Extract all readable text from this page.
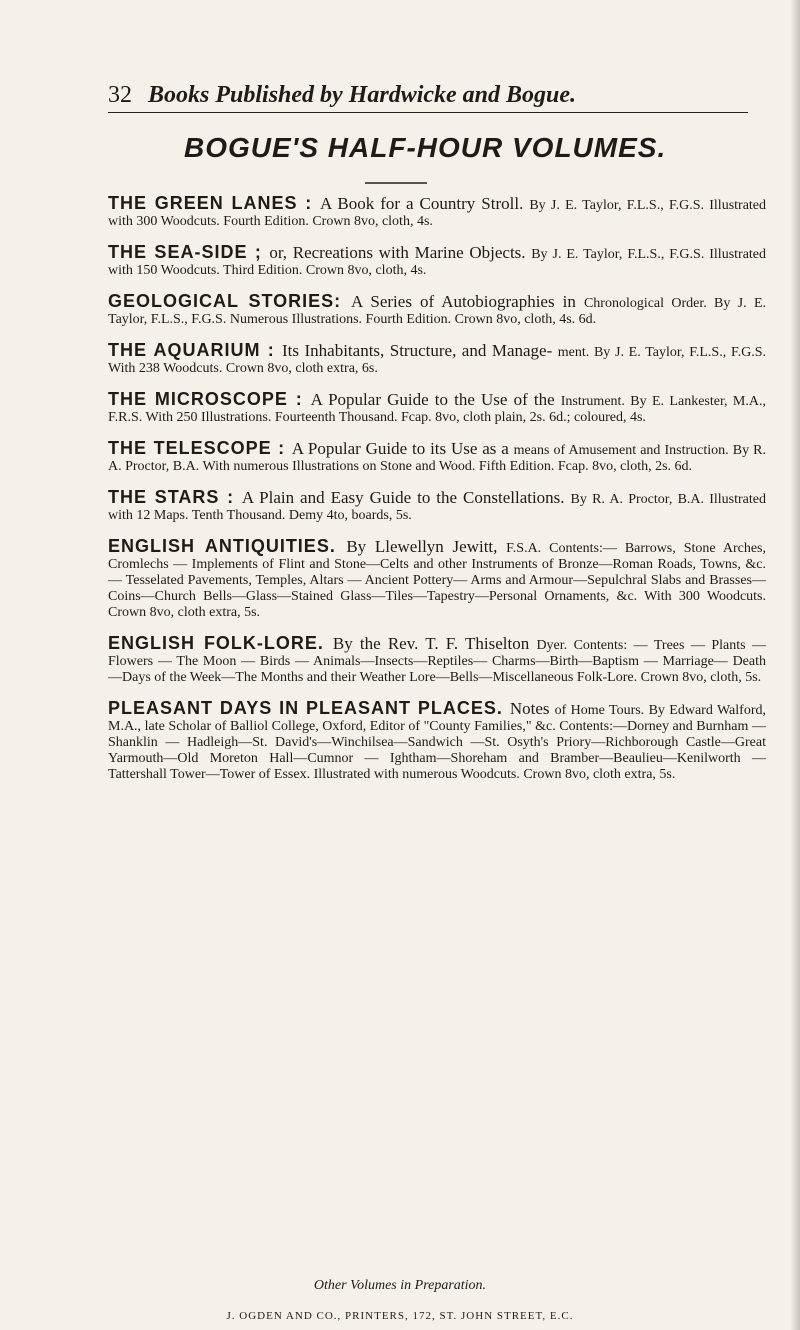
32 Books Published by Hardwicke and Bogue.
BOGUE'S HALF-HOUR VOLUMES.
THE GREEN LANES : A Book for a Country Stroll. By J. E. Taylor, F.L.S., F.G.S. Illustrated with 300 Woodcuts. Fourth Edition. Crown 8vo, cloth, 4s.
THE SEA-SIDE ; or, Recreations with Marine Objects. By J. E. Taylor, F.L.S., F.G.S. Illustrated with 150 Woodcuts. Third Edition. Crown 8vo, cloth, 4s.
GEOLOGICAL STORIES: A Series of Autobiographies in Chronological Order. By J. E. Taylor, F.L.S., F.G.S. Numerous Illustrations. Fourth Edition. Crown 8vo, cloth, 4s. 6d.
THE AQUARIUM : Its Inhabitants, Structure, and Manage- ment. By J. E. Taylor, F.L.S., F.G.S. With 238 Woodcuts. Crown 8vo, cloth extra, 6s.
THE MICROSCOPE : A Popular Guide to the Use of the Instrument. By E. Lankester, M.A., F.R.S. With 250 Illustrations. Fourteenth Thousand. Fcap. 8vo, cloth plain, 2s. 6d.; coloured, 4s.
THE TELESCOPE : A Popular Guide to its Use as a means of Amusement and Instruction. By R. A. Proctor, B.A. With numerous Illustrations on Stone and Wood. Fifth Edition. Fcap. 8vo, cloth, 2s. 6d.
THE STARS : A Plain and Easy Guide to the Constellations. By R. A. Proctor, B.A. Illustrated with 12 Maps. Tenth Thousand. Demy 4to, boards, 5s.
ENGLISH ANTIQUITIES. By Llewellyn Jewitt, F.S.A. Contents:— Barrows, Stone Arches, Cromlechs — Implements of Flint and Stone—Celts and other Instruments of Bronze—Roman Roads, Towns, &c. — Tesselated Pavements, Temples, Altars — Ancient Pottery— Arms and Armour—Sepulchral Slabs and Brasses—Coins—Church Bells—Glass—Stained Glass—Tiles—Tapestry—Personal Ornaments, &c. With 300 Woodcuts. Crown 8vo, cloth extra, 5s.
ENGLISH FOLK-LORE. By the Rev. T. F. Thiselton Dyer. Contents: — Trees — Plants — Flowers — The Moon — Birds — Animals—Insects—Reptiles— Charms—Birth—Baptism — Marriage— Death —Days of the Week—The Months and their Weather Lore—Bells—Miscellaneous Folk-Lore. Crown 8vo, cloth, 5s.
PLEASANT DAYS IN PLEASANT PLACES. Notes of Home Tours. By Edward Walford, M.A., late Scholar of Balliol College, Oxford, Editor of "County Families," &c. Contents:—Dorney and Burnham — Shanklin — Hadleigh—St. David's—Winchilsea—Sandwich —St. Osyth's Priory—Richborough Castle—Great Yarmouth—Old Moreton Hall—Cumnor — Ightham—Shoreham and Bramber—Beaulieu—Kenilworth —Tattershall Tower—Tower of Essex. Illustrated with numerous Woodcuts. Crown 8vo, cloth extra, 5s.
Other Volumes in Preparation.
J. OGDEN AND CO., PRINTERS, 172, ST. JOHN STREET, E.C.
